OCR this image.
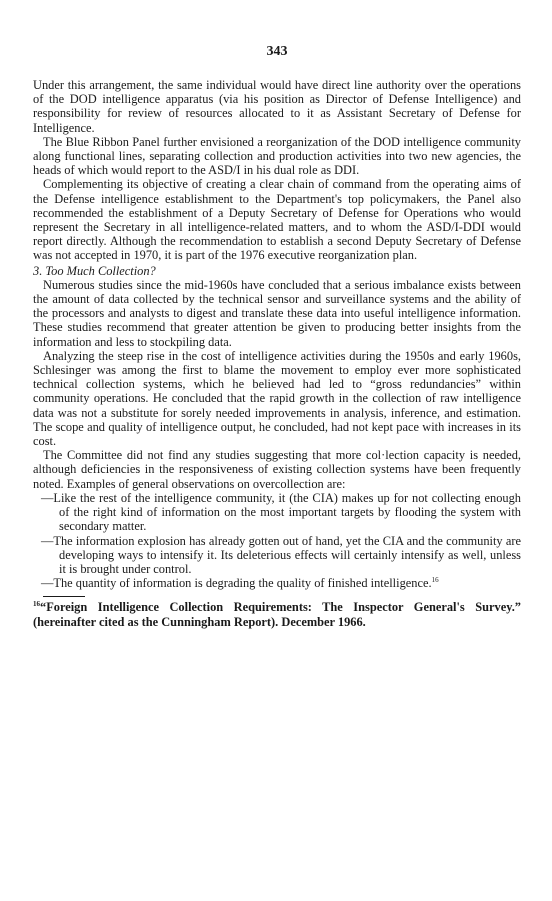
343

Under this arrangement, the same individual would have direct line authority over the operations of the DOD intelligence apparatus (via his position as Director of Defense Intelligence) and responsibility for review of resources allocated to it as Assistant Secretary of Defense for Intelligence.

The Blue Ribbon Panel further envisioned a reorganization of the DOD intelligence community along functional lines, separating collection and production activities into two new agencies, the heads of which would report to the ASD/I in his dual role as DDI.

Complementing its objective of creating a clear chain of command from the operating aims of the Defense intelligence establishment to the Department's top policymakers, the Panel also recommended the establishment of a Deputy Secretary of Defense for Operations who would represent the Secretary in all intelligence-related matters, and to whom the ASD/I-DDI would report directly. Although the recommendation to establish a second Deputy Secretary of Defense was not accepted in 1970, it is part of the 1976 executive reorganization plan.

3. Too Much Collection?

Numerous studies since the mid-1960s have concluded that a serious imbalance exists between the amount of data collected by the technical sensor and surveillance systems and the ability of the processors and analysts to digest and translate these data into useful intelligence information. These studies recommend that greater attention be given to producing better insights from the information and less to stockpiling data.

Analyzing the steep rise in the cost of intelligence activities during the 1950s and early 1960s, Schlesinger was among the first to blame the movement to employ ever more sophisticated technical collection systems, which he believed had led to “gross redundancies” within community operations. He concluded that the rapid growth in the collection of raw intelligence data was not a substitute for sorely needed improvements in analysis, inference, and estimation. The scope and quality of intelligence output, he concluded, had not kept pace with increases in its cost.

The Committee did not find any studies suggesting that more col·lection capacity is needed, although deficiencies in the responsiveness of existing collection systems have been frequently noted. Examples of general observations on overcollection are:

—Like the rest of the intelligence community, it (the CIA) makes up for not collecting enough of the right kind of information on the most important targets by flooding the system with secondary matter.
—The information explosion has already gotten out of hand, yet the CIA and the community are developing ways to intensify it. Its deleterious effects will certainly intensify as well, unless it is brought under control.
—The quantity of information is degrading the quality of finished intelligence.$^{16}$

$^{16}$“Foreign Intelligence Collection Requirements: The Inspector General's Survey.” (hereinafter cited as the Cunningham Report). December 1966.
